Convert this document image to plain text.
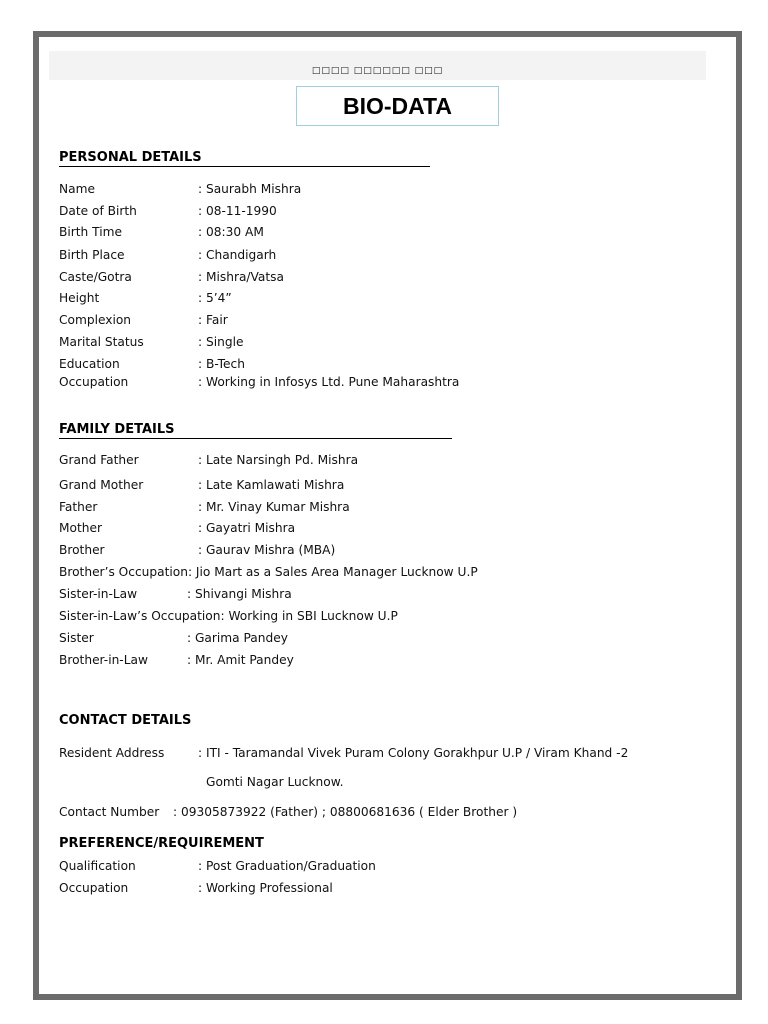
□□□□ □□□□□□ □□□
BIO-DATA
PERSONAL DETAILS
Name	: Saurabh Mishra
Date of Birth	: 08-11-1990
Birth Time	: 08:30 AM
Birth Place	: Chandigarh
Caste/Gotra	: Mishra/Vatsa
Height	: 5’4”
Complexion	: Fair
Marital Status	: Single
Education	: B-Tech
Occupation	: Working in Infosys Ltd. Pune Maharashtra
FAMILY DETAILS
Grand Father	: Late Narsingh Pd. Mishra
Grand Mother	: Late Kamlawati Mishra
Father	: Mr. Vinay Kumar Mishra
Mother	: Gayatri Mishra
Brother	: Gaurav Mishra (MBA)
Brother’s Occupation: Jio Mart as a Sales Area Manager Lucknow U.P
Sister-in-Law	: Shivangi Mishra
Sister-in-Law’s Occupation: Working in SBI Lucknow U.P
Sister	: Garima Pandey
Brother-in-Law	: Mr. Amit Pandey
CONTACT DETAILS
Resident Address	: ITI - Taramandal Vivek Puram Colony Gorakhpur U.P / Viram Khand -2
Gomti Nagar Lucknow.
Contact Number : 09305873922 (Father) ; 08800681636 ( Elder Brother )
PREFERENCE/REQUIREMENT
Qualification	: Post Graduation/Graduation
Occupation	: Working Professional
